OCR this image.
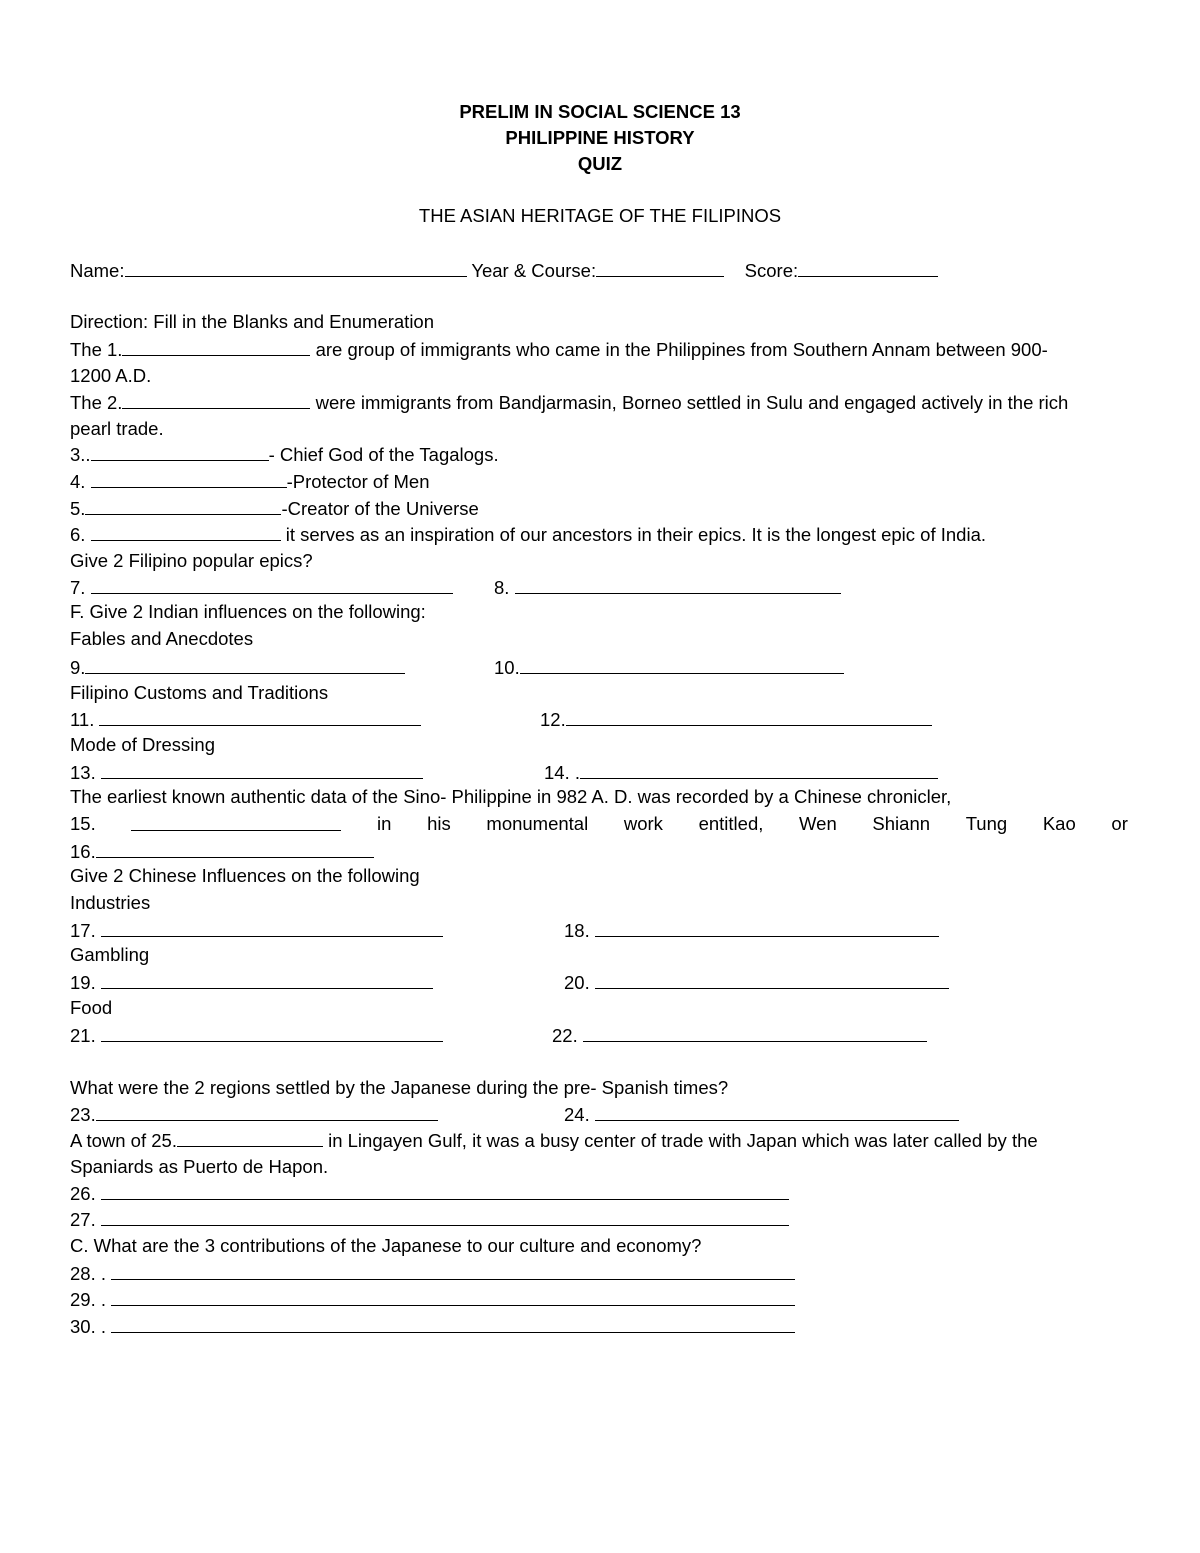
PRELIM IN SOCIAL SCIENCE 13
PHILIPPINE HISTORY
QUIZ
THE ASIAN HERITAGE OF THE FILIPINOS
Name:	Year & Course:	Score:
Direction: Fill in the Blanks and Enumeration
The 1.	are group of immigrants who came in the Philippines from Southern Annam between 900-
1200 A.D.
The 2.	were immigrants from Bandjarmasin, Borneo settled in Sulu and engaged actively in the rich
pearl trade.
3..	- Chief God of the Tagalogs.
4.	-Protector of Men
5.	-Creator of the Universe
6.	it serves as an inspiration of our ancestors in their epics. It is the longest epic of India.
Give 2 Filipino popular epics?
7.	8.
F. Give 2 Indian influences on the following:
Fables and Anecdotes
9.	10.
Filipino Customs and Traditions
11.	12.
Mode of Dressing
13.	14. .
The earliest known authentic data of the Sino- Philippine in 982 A. D. was recorded by a Chinese chronicler,
15.	in his monumental work entitled, Wen Shiann Tung Kao or
16.
Give 2 Chinese Influences on the following
Industries
17.	18.
Gambling
19.	20.
Food
21.	22.
What were the 2 regions settled by the Japanese during the pre- Spanish times?
23.	24.
A town of 25.	in Lingayen Gulf, it was a busy center of trade with Japan which was later called by the
Spaniards as Puerto de Hapon.
26.
27.
C. What are the 3 contributions of the Japanese to our culture and economy?
28. .
29. .
30. .
